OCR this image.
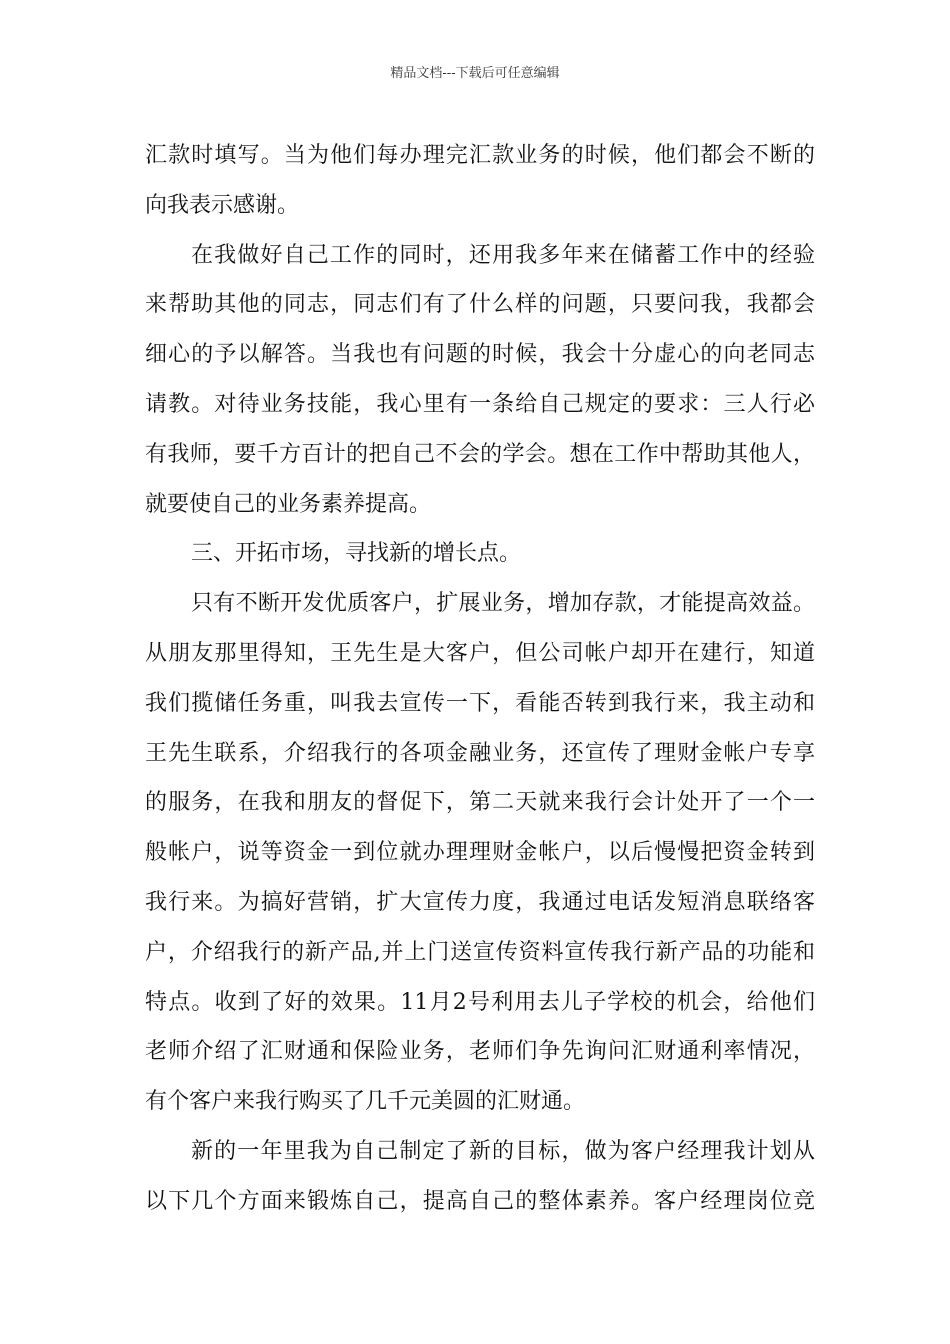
精品文档---下载后可任意编辑
汇款时填写。当为他们每办理完汇款业务的时候，他们都会不断的
向我表示感谢。
在我做好自己工作的同时，还用我多年来在储蓄工作中的经验
来帮助其他的同志，同志们有了什么样的问题，只要问我，我都会
细心的予以解答。当我也有问题的时候，我会十分虚心的向老同志
请教。对待业务技能，我心里有一条给自己规定的要求：三人行必
有我师，要千方百计的把自己不会的学会。想在工作中帮助其他人，
就要使自己的业务素养提高。
三、开拓市场，寻找新的增长点。
只有不断开发优质客户，扩展业务，增加存款，才能提高效益。
从朋友那里得知，王先生是大客户，但公司帐户却开在建行，知道
我们揽储任务重，叫我去宣传一下，看能否转到我行来，我主动和
王先生联系，介绍我行的各项金融业务，还宣传了理财金帐户专享
的服务，在我和朋友的督促下，第二天就来我行会计处开了一个一
般帐户，说等资金一到位就办理理财金帐户，以后慢慢把资金转到
我行来。为搞好营销，扩大宣传力度，我通过电话发短消息联络客
户，介绍我行的新产品,并上门送宣传资料宣传我行新产品的功能和
特点。收到了好的效果。11月2号利用去儿子学校的机会，给他们
老师介绍了汇财通和保险业务，老师们争先询问汇财通利率情况，
有个客户来我行购买了几千元美圆的汇财通。
新的一年里我为自己制定了新的目标，做为客户经理我计划从
以下几个方面来锻炼自己，提高自己的整体素养。客户经理岗位竞
